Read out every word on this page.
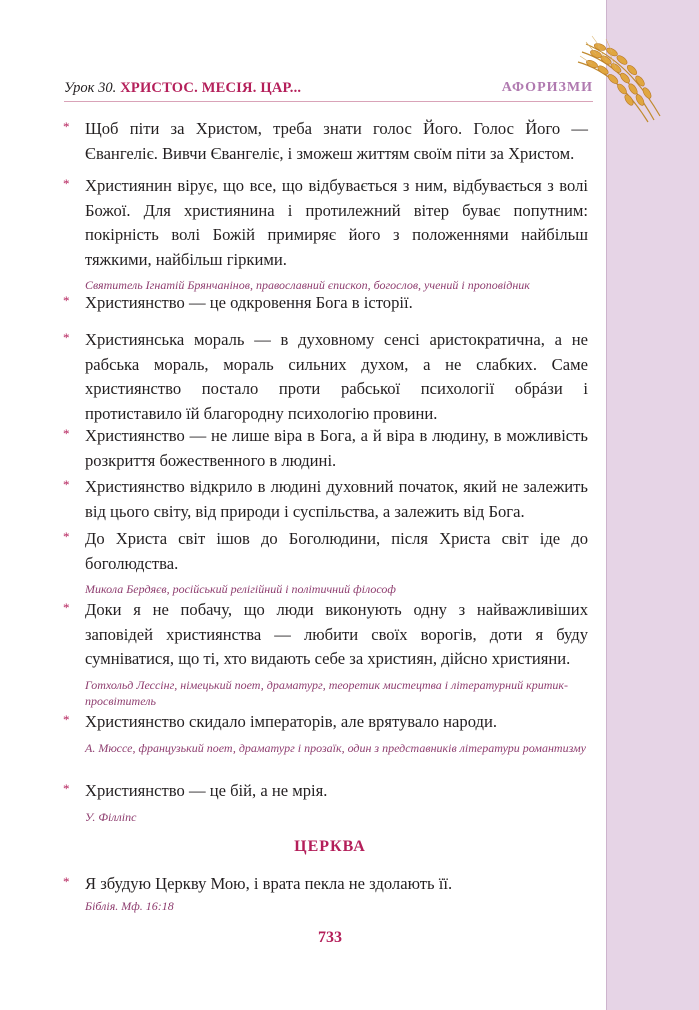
Урок 30. ХРИСТОС. МЕСІЯ. ЦАР...	АФОРИЗМИ
* Щоб піти за Христом, треба знати голос Його. Голос Його — Євангеліє. Вивчи Євангеліє, і зможеш життям своїм піти за Христом.
* Християнин вірує, що все, що відбувається з ним, відбувається з волі Божої. Для християнина і протилежний вітер буває попутним: покірність волі Божій примиряє його з положеннями найбільш тяжкими, найбільш гіркими.
Святитель Ігнатій Брянчанінов, православний єпископ, богослов, учений і проповідник
* Християнство — це одкровення Бога в історії.
* Християнська мораль — в духовному сенсі аристократична, а не рабська мораль, мораль сильних духом, а не слабких. Саме християнство постало проти рабської психології обрáзи і протиставило їй благородну психологію провини.
* Християнство — не лише віра в Бога, а й віра в людину, в можливість розкриття божественного в людині.
* Християнство відкрило в людині духовний початок, який не залежить від цього світу, від природи і суспільства, а залежить від Бога.
* До Христа світ ішов до Боголюдини, після Христа світ іде до боголюдства.
Микола Бердяєв, російський релігійний і політичний філософ
* Доки я не побачу, що люди виконують одну з найважливіших заповідей християнства — любити своїх ворогів, доти я буду сумніватися, що ті, хто видають себе за християн, дійсно християни.
Готхольд Лессінг, німецький поет, драматург, теоретик мистецтва і літературний критик-просвітитель
* Християнство скидало імператорів, але врятувало народи.
А. Мюссе, французький поет, драматург і прозаїк, один з представників літератури романтизму
* Християнство — це бій, а не мрія.
У. Філліпс
ЦЕРКВА
* Я збудую Церкву Мою, і врата пекла не здолають її.
Біблія. Мф. 16:18
733
